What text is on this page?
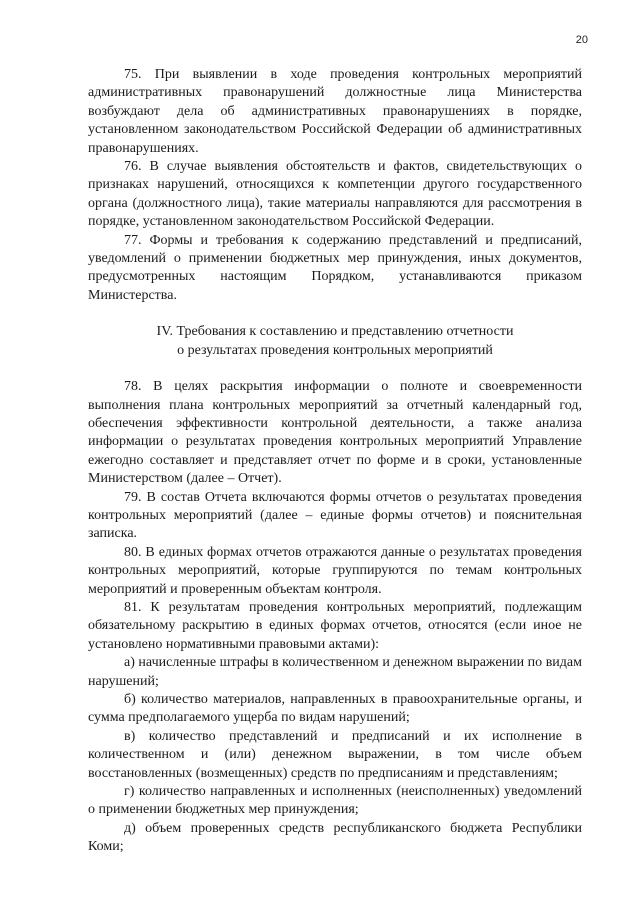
20

75. При выявлении в ходе проведения контрольных мероприятий административных правонарушений должностные лица Министерства возбуждают дела об административных правонарушениях в порядке, установленном законодательством Российской Федерации об административных правонарушениях.

76. В случае выявления обстоятельств и фактов, свидетельствующих о признаках нарушений, относящихся к компетенции другого государственного органа (должностного лица), такие материалы направляются для рассмотрения в порядке, установленном законодательством Российской Федерации.

77. Формы и требования к содержанию представлений и предписаний, уведомлений о применении бюджетных мер принуждения, иных документов, предусмотренных настоящим Порядком, устанавливаются приказом Министерства.

IV. Требования к составлению и представлению отчетности

о результатах проведения контрольных мероприятий

78. В целях раскрытия информации о полноте и своевременности выполнения плана контрольных мероприятий за отчетный календарный год, обеспечения эффективности контрольной деятельности, а также анализа информации о результатах проведения контрольных мероприятий Управление ежегодно составляет и представляет отчет по форме и в сроки, установленные Министерством (далее – Отчет).

79. В состав Отчета включаются формы отчетов о результатах проведения контрольных мероприятий (далее – единые формы отчетов) и пояснительная записка.

80. В единых формах отчетов отражаются данные о результатах проведения контрольных мероприятий, которые группируются по темам контрольных мероприятий и проверенным объектам контроля.

81. К результатам проведения контрольных мероприятий, подлежащим обязательному раскрытию в единых формах отчетов, относятся (если иное не установлено нормативными правовыми актами):

а) начисленные штрафы в количественном и денежном выражении по видам нарушений;

б) количество материалов, направленных в правоохранительные органы, и сумма предполагаемого ущерба по видам нарушений;

в) количество представлений и предписаний и их исполнение в количественном и (или) денежном выражении, в том числе объем восстановленных (возмещенных) средств по предписаниям и представлениям;

г) количество направленных и исполненных (неисполненных) уведомлений о применении бюджетных мер принуждения;

д) объем проверенных средств республиканского бюджета Республики Коми;
